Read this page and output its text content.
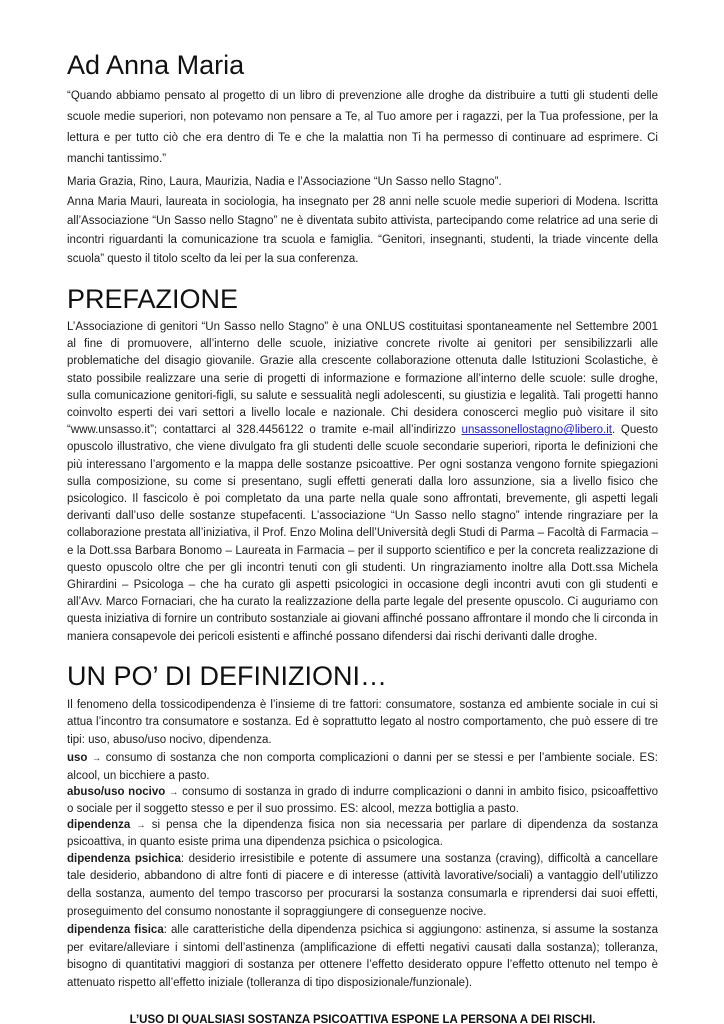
Ad Anna Maria

“Quando abbiamo pensato al progetto di un libro di prevenzione alle droghe da distribuire a tutti gli studenti delle scuole medie superiori, non potevamo non pensare a Te, al Tuo amore per i ragazzi, per la Tua professione, per la lettura e per tutto ciò che era dentro di Te e che la malattia non Ti ha permesso di continuare ad esprimere. Ci manchi tantissimo.”

Maria Grazia, Rino, Laura, Maurizia, Nadia e l’Associazione “Un Sasso nello Stagno”.

Anna Maria Mauri, laureata in sociologia, ha insegnato per 28 anni nelle scuole medie superiori di Modena. Iscritta all’Associazione “Un Sasso nello Stagno” ne è diventata subito attivista, partecipando come relatrice ad una serie di incontri riguardanti la comunicazione tra scuola e famiglia. “Genitori, insegnanti, studenti, la triade vincente della scuola” questo il titolo scelto da lei per la sua conferenza.

PREFAZIONE

L’Associazione di genitori “Un Sasso nello Stagno” è una ONLUS costituitasi spontaneamente nel Settembre 2001 al fine di promuovere, all’interno delle scuole, iniziative concrete rivolte ai genitori per sensibilizzarli alle problematiche del disagio giovanile. Grazie alla crescente collaborazione ottenuta dalle Istituzioni Scolastiche, è stato possibile realizzare una serie di progetti di informazione e formazione all’interno delle scuole: sulle droghe, sulla comunicazione genitori-figli, su salute e sessualità negli adolescenti, su giustizia e legalità. Tali progetti hanno coinvolto esperti dei vari settori a livello locale e nazionale. Chi desidera conoscerci meglio può visitare il sito “www.unsasso.it”; contattarci al 328.4456122 o tramite e-mail all’indirizzo unsassonellostagno@libero.it. Questo opuscolo illustrativo, che viene divulgato fra gli studenti delle scuole secondarie superiori, riporta le definizioni che più interessano l’argomento e la mappa delle sostanze psicoattive. Per ogni sostanza vengono fornite spiegazioni sulla composizione, su come si presentano, sugli effetti generati dalla loro assunzione, sia a livello fisico che psicologico. Il fascicolo è poi completato da una parte nella quale sono affrontati, brevemente, gli aspetti legali derivanti dall’uso delle sostanze stupefacenti. L’associazione “Un Sasso nello stagno” intende ringraziare per la collaborazione prestata all’iniziativa, il Prof. Enzo Molina dell’Università degli Studi di Parma – Facoltà di Farmacia – e la Dott.ssa Barbara Bonomo – Laureata in Farmacia – per il supporto scientifico e per la concreta realizzazione di questo opuscolo oltre che per gli incontri tenuti con gli studenti. Un ringraziamento inoltre alla Dott.ssa Michela Ghirardini – Psicologa – che ha curato gli aspetti psicologici in occasione degli incontri avuti con gli studenti e all’Avv. Marco Fornaciari, che ha curato la realizzazione della parte legale del presente opuscolo. Ci auguriamo con questa iniziativa di fornire un contributo sostanziale ai giovani affinché possano affrontare il mondo che li circonda in maniera consapevole dei pericoli esistenti e affinché possano difendersi dai rischi derivanti dalle droghe.

UN PO’ DI DEFINIZIONI…

Il fenomeno della tossicodipendenza è l’insieme di tre fattori: consumatore, sostanza ed ambiente sociale in cui si attua l’incontro tra consumatore e sostanza. Ed è soprattutto legato al nostro comportamento, che può essere di tre tipi: uso, abuso/uso nocivo, dipendenza.

uso → consumo di sostanza che non comporta complicazioni o danni per se stessi e per l’ambiente sociale. ES: alcool, un bicchiere a pasto.

abuso/uso nocivo → consumo di sostanza in grado di indurre complicazioni o danni in ambito fisico, psicoaffettivo o sociale per il soggetto stesso e per il suo prossimo. ES: alcool, mezza bottiglia a pasto.

dipendenza → si pensa che la dipendenza fisica non sia necessaria per parlare di dipendenza da sostanza psicoattiva, in quanto esiste prima una dipendenza psichica o psicologica.

dipendenza psichica: desiderio irresistibile e potente di assumere una sostanza (craving), difficoltà a cancellare tale desiderio, abbandono di altre fonti di piacere e di interesse (attività lavorative/sociali) a vantaggio dell’utilizzo della sostanza, aumento del tempo trascorso per procurarsi la sostanza consumarla e riprendersi dai suoi effetti, proseguimento del consumo nonostante il sopraggiungere di conseguenze nocive.

dipendenza fisica: alle caratteristiche della dipendenza psichica si aggiungono: astinenza, si assume la sostanza per evitare/alleviare i sintomi dell’astinenza (amplificazione di effetti negativi causati dalla sostanza); tolleranza, bisogno di quantitativi maggiori di sostanza per ottenere l’effetto desiderato oppure l’effetto ottenuto nel tempo è attenuato rispetto all’effetto iniziale (tolleranza di tipo disposizionale/funzionale).

L’USO DI QUALSIASI SOSTANZA PSICOATTIVA ESPONE LA PERSONA A DEI RISCHI.
